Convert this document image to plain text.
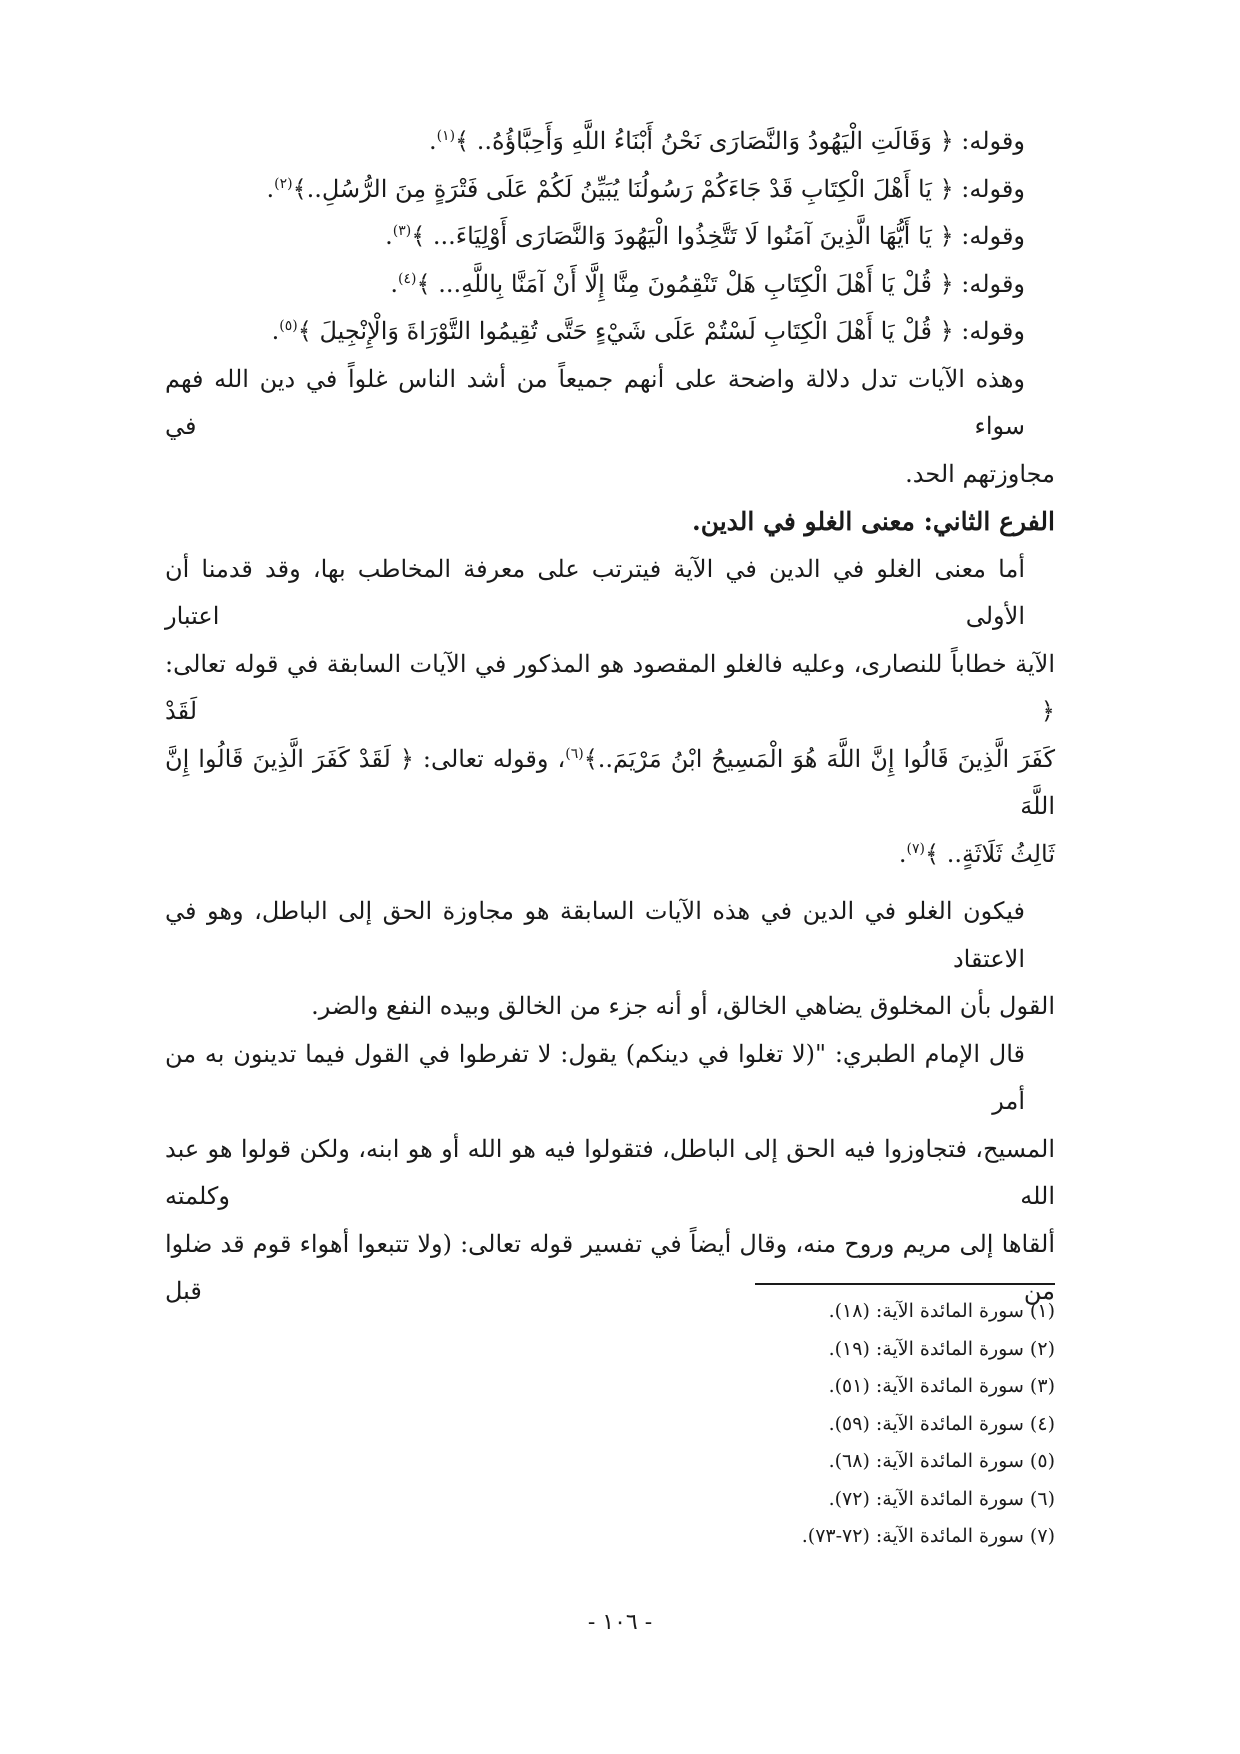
وقوله: ﴿ وَقَالَتِ الْيَهُودُ وَالنَّصَارَى نَحْنُ أَبْنَاءُ اللَّهِ وَأَحِبَّاؤُهُ.. ﴾$^{(١)}$.
وقوله: ﴿ يَا أَهْلَ الْكِتَابِ قَدْ جَاءَكُمْ رَسُولُنَا يُبَيِّنُ لَكُمْ عَلَى فَتْرَةٍ مِنَ الرُّسُلِ..﴾$^{(٢)}$.
وقوله: ﴿ يَا أَيُّهَا الَّذِينَ آمَنُوا لَا تَتَّخِذُوا الْيَهُودَ وَالنَّصَارَى أَوْلِيَاءَ... ﴾$^{(٣)}$.
وقوله: ﴿ قُلْ يَا أَهْلَ الْكِتَابِ هَلْ تَنْقِمُونَ مِنَّا إِلَّا أَنْ آمَنَّا بِاللَّهِ... ﴾$^{(٤)}$.
وقوله: ﴿ قُلْ يَا أَهْلَ الْكِتَابِ لَسْتُمْ عَلَى شَيْءٍ حَتَّى تُقِيمُوا التَّوْرَاةَ وَالْإِنْجِيلَ ﴾$^{(٥)}$.
وهذه الآيات تدل دلالة واضحة على أنهم جميعاً من أشد الناس غلواً في دين الله فهم سواء في
مجاوزتهم الحد.
الفرع الثاني: معنى الغلو في الدين.
أما معنى الغلو في الدين في الآية فيترتب على معرفة المخاطب بها، وقد قدمنا أن الأولى اعتبار
الآية خطاباً للنصارى، وعليه فالغلو المقصود هو المذكور في الآيات السابقة في قوله تعالى: ﴿ لَقَدْ
كَفَرَ الَّذِينَ قَالُوا إِنَّ اللَّهَ هُوَ الْمَسِيحُ ابْنُ مَرْيَمَ..﴾$^{(٦)}$، وقوله تعالى: ﴿ لَقَدْ كَفَرَ الَّذِينَ قَالُوا إِنَّ اللَّهَ
ثَالِثُ ثَلَاثَةٍ.. ﴾$^{(٧)}$.
فيكون الغلو في الدين في هذه الآيات السابقة هو مجاوزة الحق إلى الباطل، وهو في الاعتقاد
القول بأن المخلوق يضاهي الخالق، أو أنه جزء من الخالق وبيده النفع والضر.
قال الإمام الطبري: "(لا تغلوا في دينكم) يقول: لا تفرطوا في القول فيما تدينون به من أمر
المسيح، فتجاوزوا فيه الحق إلى الباطل، فتقولوا فيه هو الله أو هو ابنه، ولكن قولوا هو عبد الله وكلمته
ألقاها إلى مريم وروح منه، وقال أيضاً في تفسير قوله تعالى: (ولا تتبعوا أهواء قوم قد ضلوا من قبل
(١) سورة المائدة الآية: (١٨).
(٢) سورة المائدة الآية: (١٩).
(٣) سورة المائدة الآية: (٥١).
(٤) سورة المائدة الآية: (٥٩).
(٥) سورة المائدة الآية: (٦٨).
(٦) سورة المائدة الآية: (٧٢).
(٧) سورة المائدة الآية: (٧٢-٧٣).
- ١٠٦ -
